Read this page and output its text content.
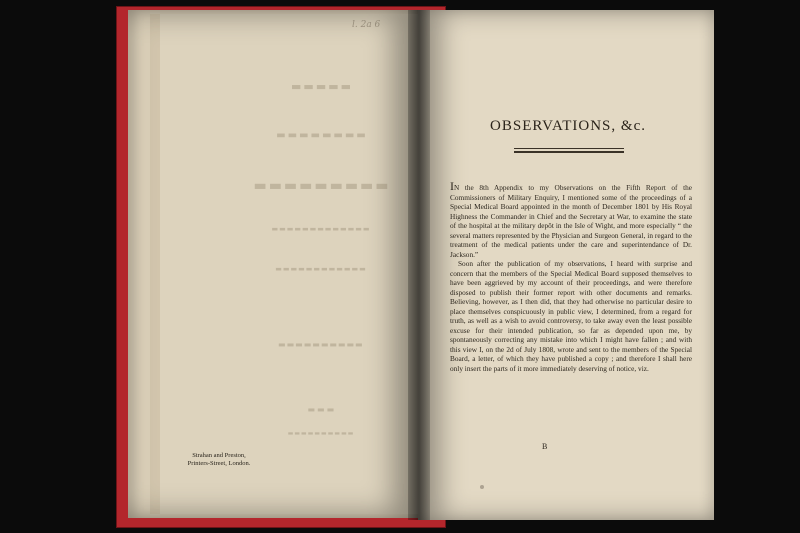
▬▬▬▬▬
▬▬▬▬▬▬▬▬
▬▬▬▬▬▬▬▬▬
▬▬▬▬▬▬▬▬▬▬▬▬▬
▬▬▬▬▬▬▬▬▬▬▬▬
▬▬▬▬▬▬▬▬▬▬
▬▬▬
▬▬▬▬▬▬▬▬▬▬
l. 2a 6
Strahan and Preston,
Printers-Street, London.
OBSERVATIONS, &c.

IN the 8th Appendix to my Observations on the Fifth Report of the Commissioners of Military Enquiry, I mentioned some of the proceedings of a Special Medical Board appointed in the month of December 1801 by His Royal Highness the Commander in Chief and the Secretary at War, to examine the state of the hospital at the military depôt in the Isle of Wight, and more especially “ the several matters represented by the Physician and Surgeon General, in regard to the treatment of the medical patients under the care and superintendance of Dr. Jackson.”

Soon after the publication of my observations, I heard with surprise and concern that the members of the Special Medical Board supposed themselves to have been aggrieved by my account of their proceedings, and were therefore disposed to publish their former report with other documents and remarks. Believing, however, as I then did, that they had otherwise no particular desire to place themselves conspicuously in public view, I determined, from a regard for truth, as well as a wish to avoid controversy, to take away even the least possible excuse for their intended publication, so far as depended upon me, by spontaneously correcting any mistake into which I might have fallen ; and with this view I, on the 2d of July 1808, wrote and sent to the members of the Special Board, a letter, of which they have published a copy ; and therefore I shall here only insert the parts of it more immediately deserving of notice, viz.

B
